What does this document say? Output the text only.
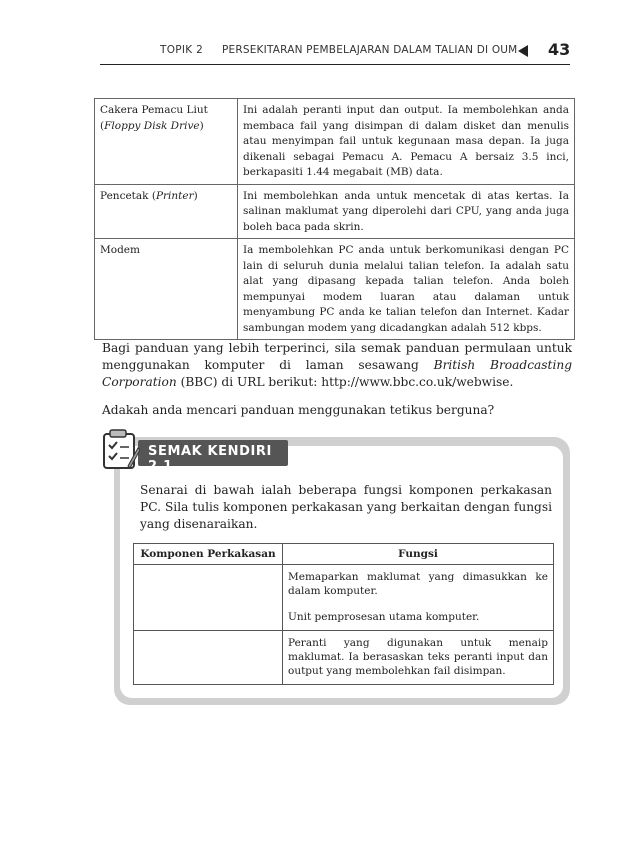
TOPIK 2 PERSEKITARAN PEMBELAJARAN DALAM TALIAN DI OUM 43
Cakera Pemacu Liut
(Floppy Disk Drive)	Ini adalah peranti input dan output. Ia membolehkan anda membaca fail yang disimpan di dalam disket dan menulis atau menyimpan fail untuk kegunaan masa depan. Ia juga dikenali sebagai Pemacu A. Pemacu A bersaiz 3.5 inci, berkapasiti 1.44 megabait (MB) data.
Pencetak (Printer)	Ini membolehkan anda untuk mencetak di atas kertas. Ia salinan maklumat yang diperolehi dari CPU, yang anda juga boleh baca pada skrin.
Modem	Ia membolehkan PC anda untuk berkomunikasi dengan PC lain di seluruh dunia melalui talian telefon. Ia adalah satu alat yang dipasang kepada talian telefon. Anda boleh mempunyai modem luaran atau dalaman untuk menyambung PC anda ke talian telefon dan Internet. Kadar sambungan modem yang dicadangkan adalah 512 kbps.
Bagi panduan yang lebih terperinci, sila semak panduan permulaan untuk menggunakan komputer di laman sesawang British Broadcasting Corporation (BBC) di URL berikut: http://www.bbc.co.uk/webwise.
Adakah anda mencari panduan menggunakan tetikus berguna?
SEMAK KENDIRI 2.1
Senarai di bawah ialah beberapa fungsi komponen perkakasan PC. Sila tulis komponen perkakasan yang berkaitan dengan fungsi yang disenaraikan.
Komponen Perkakasan	Fungsi

	Memaparkan maklumat yang dimasukkan ke dalam komputer.

Unit pemprosesan utama komputer.

	Peranti yang digunakan untuk menaip maklumat. Ia berasaskan teks peranti input dan output yang membolehkan fail disimpan.
